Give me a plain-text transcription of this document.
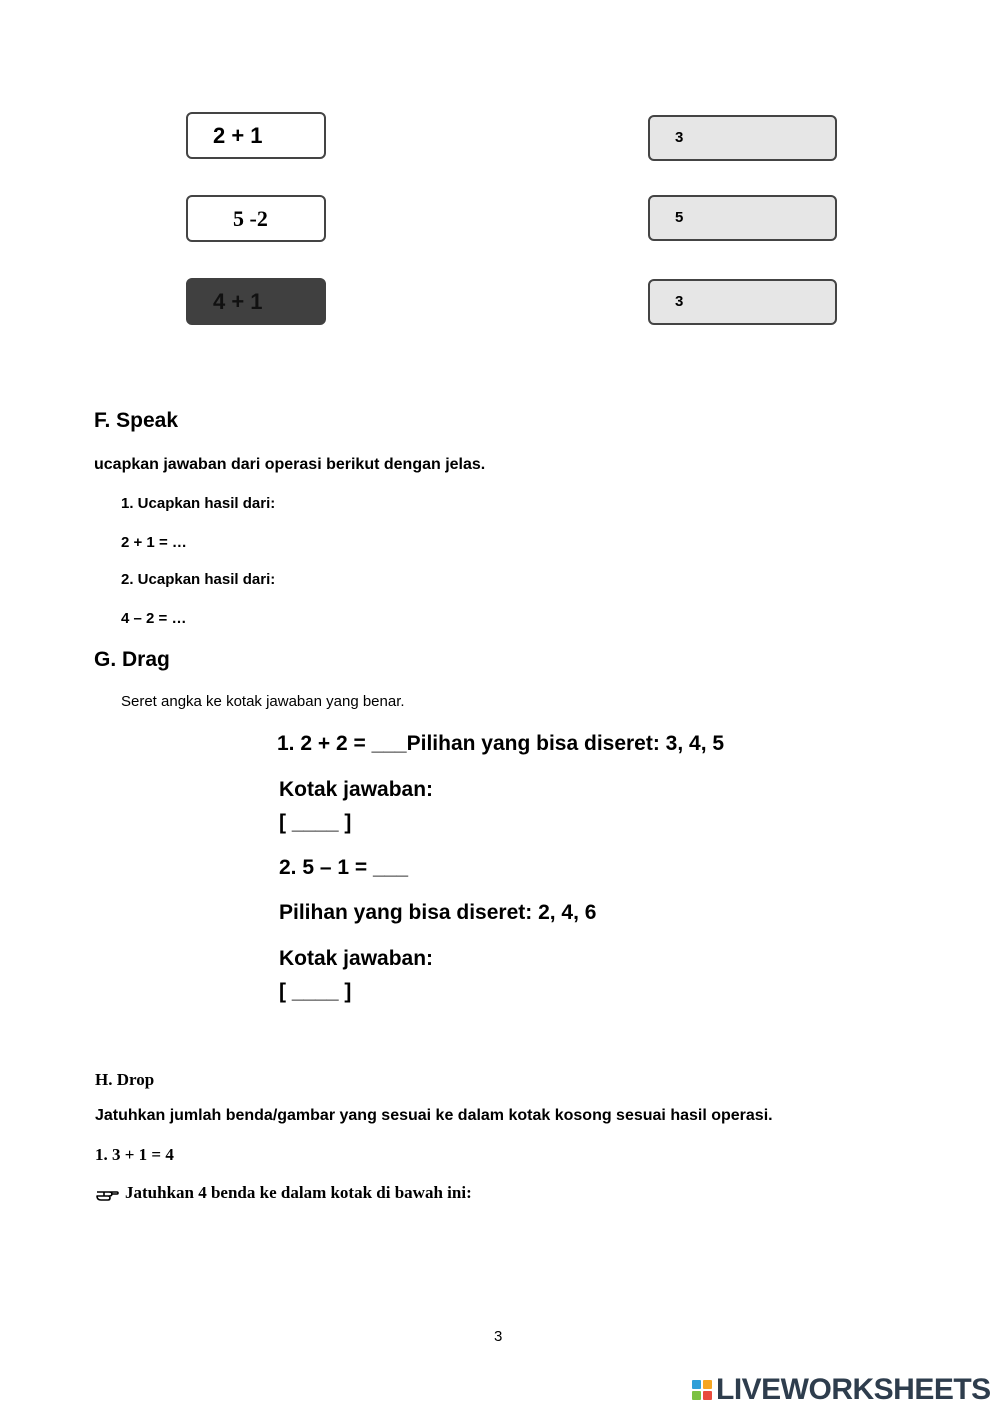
2 + 1
5 -2
4 + 1
3
5
3
F. Speak
ucapkan jawaban dari operasi berikut dengan jelas.
1. Ucapkan hasil dari:
2 + 1 = …
2. Ucapkan hasil dari:
4 – 2 = …
G. Drag
Seret angka ke kotak jawaban yang benar.
1. 2 + 2 = ___Pilihan yang bisa diseret: 3, 4, 5
Kotak jawaban:
[ ____ ]
2. 5 – 1 = ___
Pilihan yang bisa diseret: 2, 4, 6
Kotak jawaban:
[ ____ ]
H. Drop
Jatuhkan jumlah benda/gambar yang sesuai ke dalam kotak kosong sesuai hasil operasi.
1. 3 + 1 = 4
Jatuhkan 4 benda ke dalam kotak di bawah ini:
3
LIVEWORKSHEETS
